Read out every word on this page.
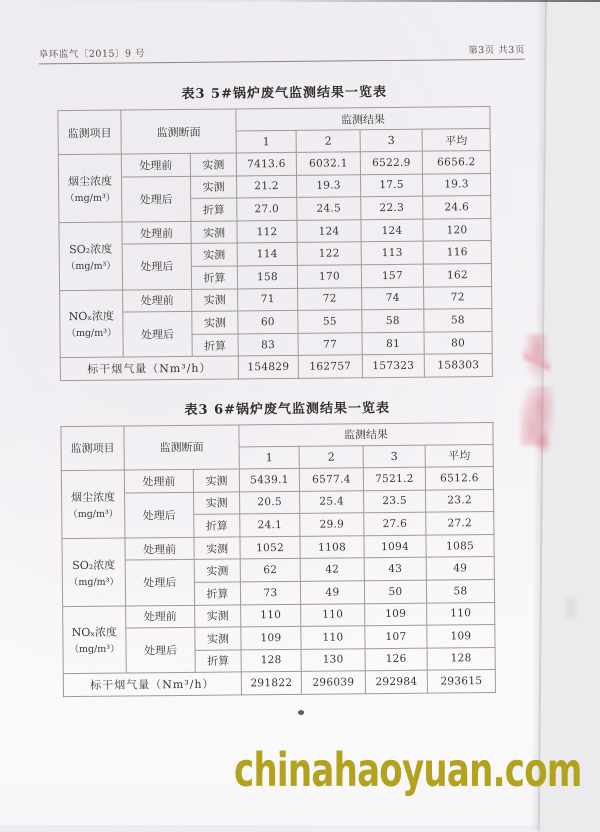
阜环监气〔2015〕9 号	第3页 共3页
表3 5#锅炉废气监测结果一览表
监测项目	监测断面		监测结果			
			1	2	3	平均

烟尘浓度
（mg/m³）	处理前	实测	7413.6	6032.1	6522.9	6656.2
	处理后	实测	21.2	19.3	17.5	19.3
		折算	27.0	24.5	22.3	24.6

SO₂浓度
（mg/m³）	处理前	实测	112	124	124	120
	处理后	实测	114	122	113	116
		折算	158	170	157	162

NOₓ浓度
（mg/m³）	处理前	实测	71	72	74	72
	处理后	实测	60	55	58	58
		折算	83	77	81	80
标干烟气量（Nm³/h）			154829	162757	157323	158303
表3 6#锅炉废气监测结果一览表
监测项目	监测断面		监测结果			
			1	2	3	平均

烟尘浓度
（mg/m³）	处理前	实测	5439.1	6577.4	7521.2	6512.6
	处理后	实测	20.5	25.4	23.5	23.2
		折算	24.1	29.9	27.6	27.2

SO₂浓度
（mg/m³）	处理前	实测	1052	1108	1094	1085
	处理后	实测	62	42	43	49
		折算	73	49	50	58

NOₓ浓度
（mg/m³）	处理前	实测	110	110	109	110
	处理后	实测	109	110	107	109
		折算	128	130	126	128
标干烟气量（Nm³/h）			291822	296039	292984	293615
chinahaoyuan.com
